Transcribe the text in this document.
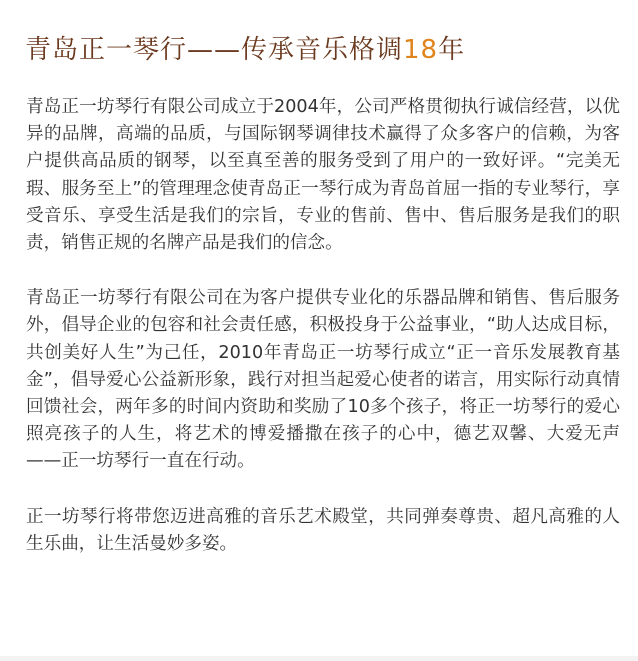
青岛正一琴行——传承音乐格调18年

青岛正一坊琴行有限公司成立于2004年，公司严格贯彻执行诚信经营，以优异的品牌，高端的品质，与国际钢琴调律技术赢得了众多客户的信赖，为客户提供高品质的钢琴，以至真至善的服务受到了用户的一致好评。“完美无瑕、服务至上”的管理理念使青岛正一琴行成为青岛首屈一指的专业琴行，享受音乐、享受生活是我们的宗旨，专业的售前、售中、售后服务是我们的职责，销售正规的名牌产品是我们的信念。

青岛正一坊琴行有限公司在为客户提供专业化的乐器品牌和销售、售后服务外，倡导企业的包容和社会责任感，积极投身于公益事业，“助人达成目标，共创美好人生”为己任，2010年青岛正一坊琴行成立“正一音乐发展教育基金”，倡导爱心公益新形象，践行对担当起爱心使者的诺言，用实际行动真情回馈社会，两年多的时间内资助和奖励了10多个孩子，将正一坊琴行的爱心照亮孩子的人生，将艺术的博爱播撒在孩子的心中，德艺双馨、大爱无声——正一坊琴行一直在行动。

正一坊琴行将带您迈进高雅的音乐艺术殿堂，共同弹奏尊贵、超凡高雅的人生乐曲，让生活曼妙多姿。
